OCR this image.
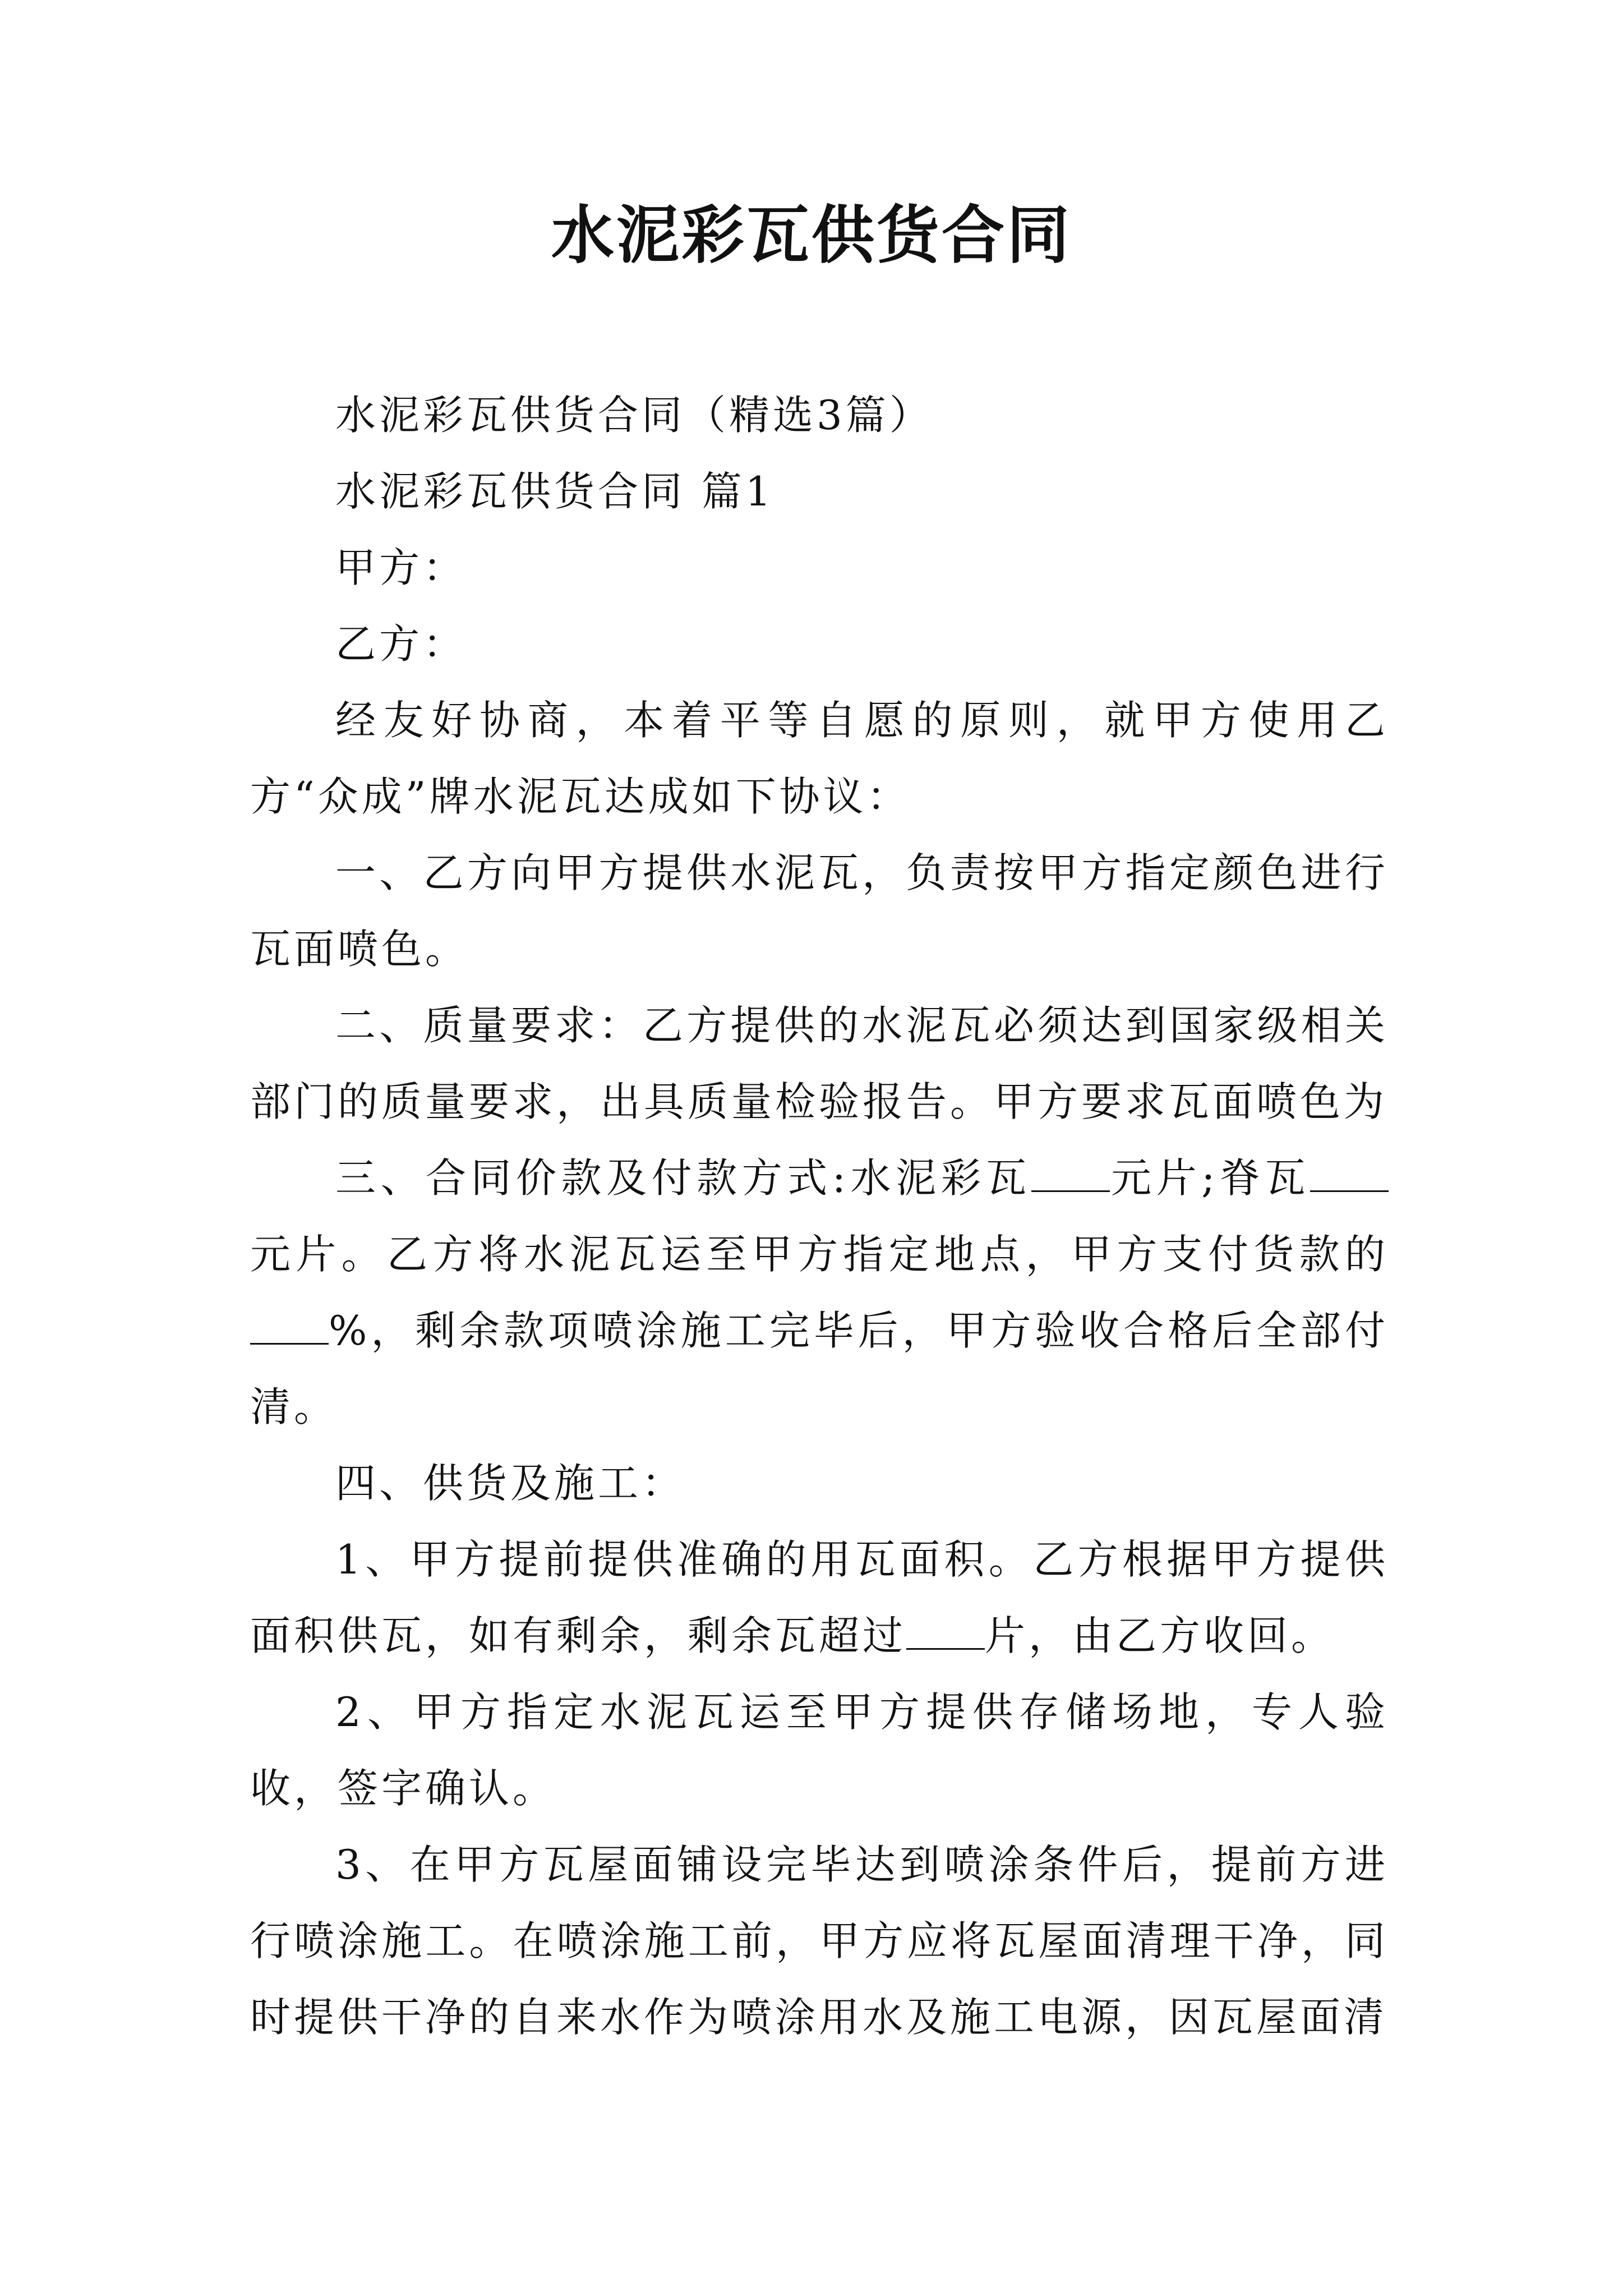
水泥彩瓦供货合同

水泥彩瓦供货合同（精选3篇）

水泥彩瓦供货合同 篇1

甲方：

乙方：

经友好协商，本着平等自愿的原则，就甲方使用乙方“众成”牌水泥瓦达成如下协议：

一、乙方向甲方提供水泥瓦，负责按甲方指定颜色进行瓦面喷色。

二、质量要求：乙方提供的水泥瓦必须达到国家级相关部门的质量要求，出具质量检验报告。甲方要求瓦面喷色为

三、合同价款及付款方式:水泥彩瓦 元片;脊瓦元片。乙方将水泥瓦运至甲方指定地点，甲方支付货款的%，剩余款项喷涂施工完毕后，甲方验收合格后全部付清。

四、供货及施工：

1、甲方提前提供准确的用瓦面积。乙方根据甲方提供面积供瓦，如有剩余，剩余瓦超过 片，由乙方收回。

2、甲方指定水泥瓦运至甲方提供存储场地，专人验收，签字确认。

3、在甲方瓦屋面铺设完毕达到喷涂条件后，提前方进行喷涂施工。在喷涂施工前，甲方应将瓦屋面清理干净，同时提供干净的自来水作为喷涂用水及施工电源，因瓦屋面清
